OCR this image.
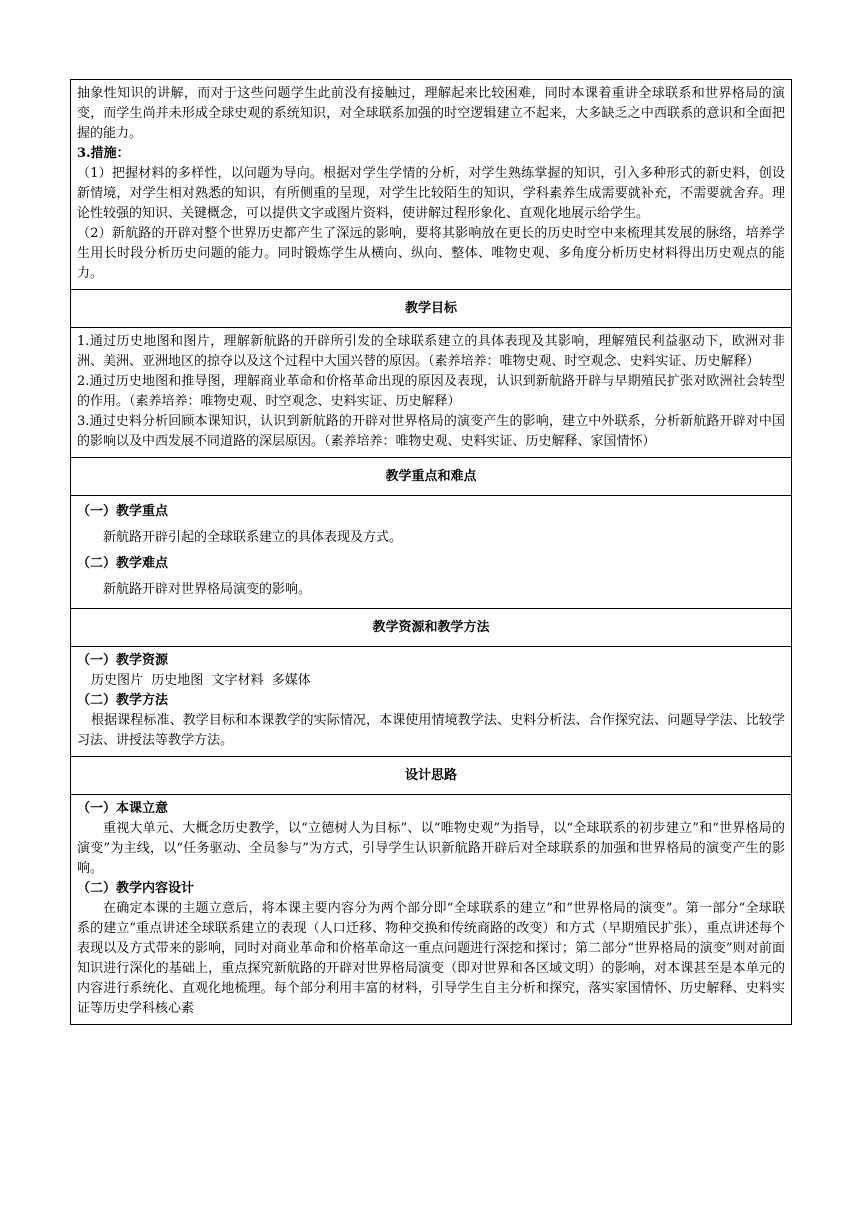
抽象性知识的讲解，而对于这些问题学生此前没有接触过，理解起来比较困难，同时本课着重讲全球联系和世界格局的演变，而学生尚并未形成全球史观的系统知识，对全球联系加强的时空逻辑建立不起来，大多缺乏之中西联系的意识和全面把握的能力。

3.措施：

（1）把握材料的多样性，以问题为导向。根据对学生学情的分析，对学生熟练掌握的知识，引入多种形式的新史料，创设新情境，对学生相对熟悉的知识，有所侧重的呈现，对学生比较陌生的知识，学科素养生成需要就补充，不需要就舍弃。理论性较强的知识、关键概念，可以提供文字或图片资料，使讲解过程形象化、直观化地展示给学生。

（2）新航路的开辟对整个世界历史都产生了深远的影响，要将其影响放在更长的历史时空中来梳理其发展的脉络，培养学生用长时段分析历史问题的能力。同时锻炼学生从横向、纵向、整体、唯物史观、多角度分析历史材料得出历史观点的能力。

教学目标

1.通过历史地图和图片，理解新航路的开辟所引发的全球联系建立的具体表现及其影响，理解殖民利益驱动下，欧洲对非洲、美洲、亚洲地区的掠夺以及这个过程中大国兴替的原因。（素养培养：唯物史观、时空观念、史料实证、历史解释）

2.通过历史地图和推导图，理解商业革命和价格革命出现的原因及表现，认识到新航路开辟与早期殖民扩张对欧洲社会转型的作用。（素养培养：唯物史观、时空观念、史料实证、历史解释）

3.通过史料分析回顾本课知识，认识到新航路的开辟对世界格局的演变产生的影响，建立中外联系，分析新航路开辟对中国的影响以及中西发展不同道路的深层原因。（素养培养：唯物史观、史料实证、历史解释、家国情怀）

教学重点和难点

（一）教学重点

新航路开辟引起的全球联系建立的具体表现及方式。

（二）教学难点

新航路开辟对世界格局演变的影响。

教学资源和教学方法

（一）教学资源

历史图片  历史地图  文字材料  多媒体

（二）教学方法

根据课程标准、教学目标和本课教学的实际情况，本课使用情境教学法、史料分析法、合作探究法、问题导学法、比较学习法、讲授法等教学方法。

设计思路

（一）本课立意

重视大单元、大概念历史教学，以“立德树人为目标”、以“唯物史观”为指导，以“全球联系的初步建立”和“世界格局的演变”为主线，以“任务驱动、全员参与”为方式，引导学生认识新航路开辟后对全球联系的加强和世界格局的演变产生的影响。

（二）教学内容设计

在确定本课的主题立意后，将本课主要内容分为两个部分即“全球联系的建立”和“世界格局的演变”。第一部分“全球联系的建立”重点讲述全球联系建立的表现（人口迁移、物种交换和传统商路的改变）和方式（早期殖民扩张），重点讲述每个表现以及方式带来的影响，同时对商业革命和价格革命这一重点问题进行深挖和探讨；第二部分“世界格局的演变”则对前面知识进行深化的基础上，重点探究新航路的开辟对世界格局演变（即对世界和各区域文明）的影响，对本课甚至是本单元的内容进行系统化、直观化地梳理。每个部分利用丰富的材料，引导学生自主分析和探究，落实家国情怀、历史解释、史料实证等历史学科核心素
